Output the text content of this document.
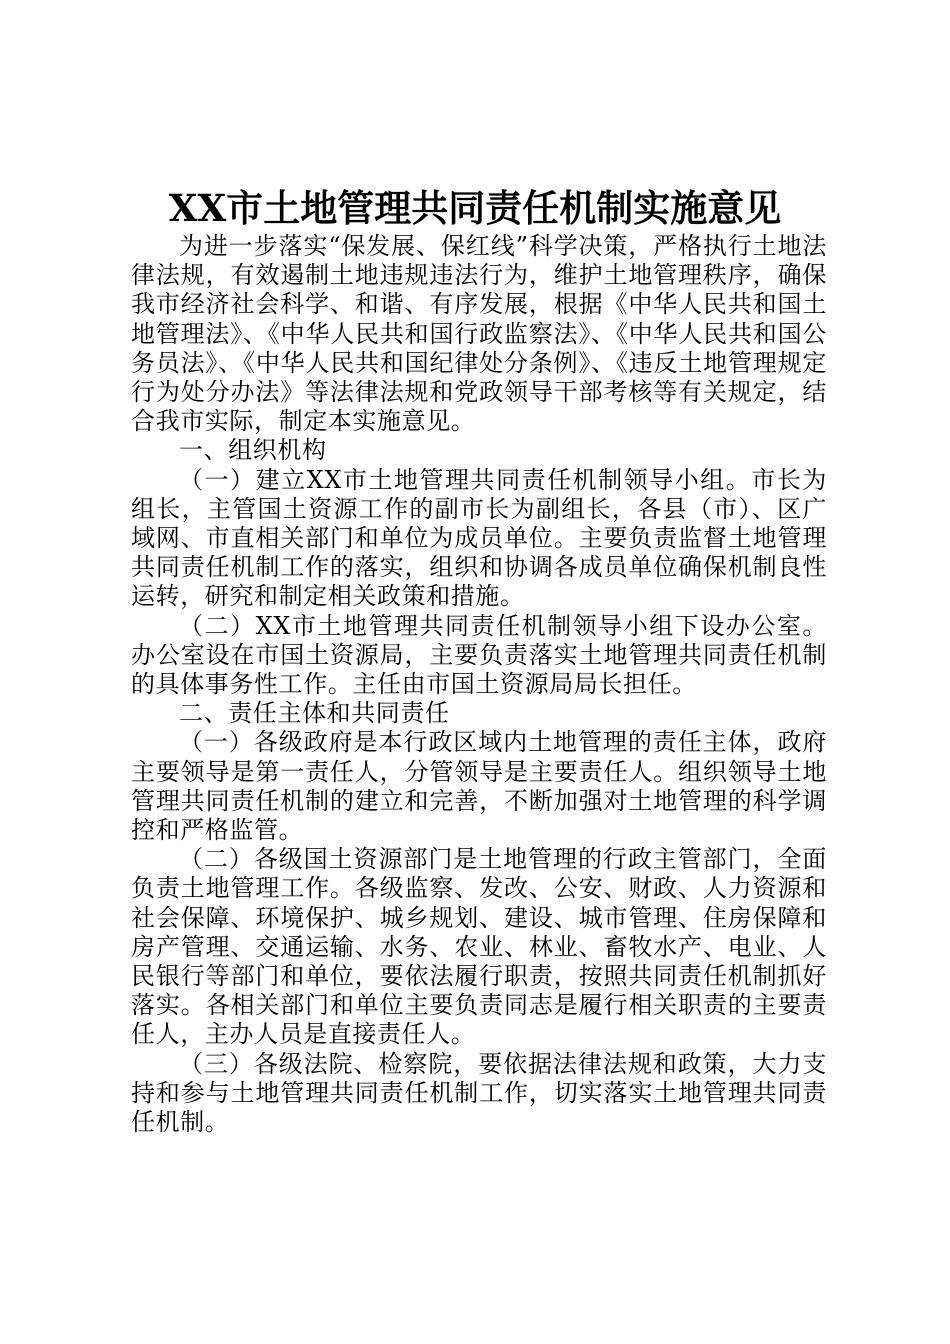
XX市土地管理共同责任机制实施意见

为进一步落实“保发展、保红线”科学决策，严格执行土地法律法规，有效遏制土地违规违法行为，维护土地管理秩序，确保我市经济社会科学、和谐、有序发展，根据《中华人民共和国土地管理法》、《中华人民共和国行政监察法》、《中华人民共和国公务员法》、《中华人民共和国纪律处分条例》、《违反土地管理规定行为处分办法》等法律法规和党政领导干部考核等有关规定，结合我市实际，制定本实施意见。

一、组织机构

（一）建立XX市土地管理共同责任机制领导小组。市长为组长，主管国土资源工作的副市长为副组长，各县（市）、区广域网、市直相关部门和单位为成员单位。主要负责监督土地管理共同责任机制工作的落实，组织和协调各成员单位确保机制良性运转，研究和制定相关政策和措施。

（二）XX市土地管理共同责任机制领导小组下设办公室。办公室设在市国土资源局，主要负责落实土地管理共同责任机制的具体事务性工作。主任由市国土资源局局长担任。

二、责任主体和共同责任

（一）各级政府是本行政区域内土地管理的责任主体，政府主要领导是第一责任人，分管领导是主要责任人。组织领导土地管理共同责任机制的建立和完善，不断加强对土地管理的科学调控和严格监管。

（二）各级国土资源部门是土地管理的行政主管部门，全面负责土地管理工作。各级监察、发改、公安、财政、人力资源和社会保障、环境保护、城乡规划、建设、城市管理、住房保障和房产管理、交通运输、水务、农业、林业、畜牧水产、电业、人民银行等部门和单位，要依法履行职责，按照共同责任机制抓好落实。各相关部门和单位主要负责同志是履行相关职责的主要责任人，主办人员是直接责任人。

（三）各级法院、检察院，要依据法律法规和政策，大力支持和参与土地管理共同责任机制工作，切实落实土地管理共同责任机制。
